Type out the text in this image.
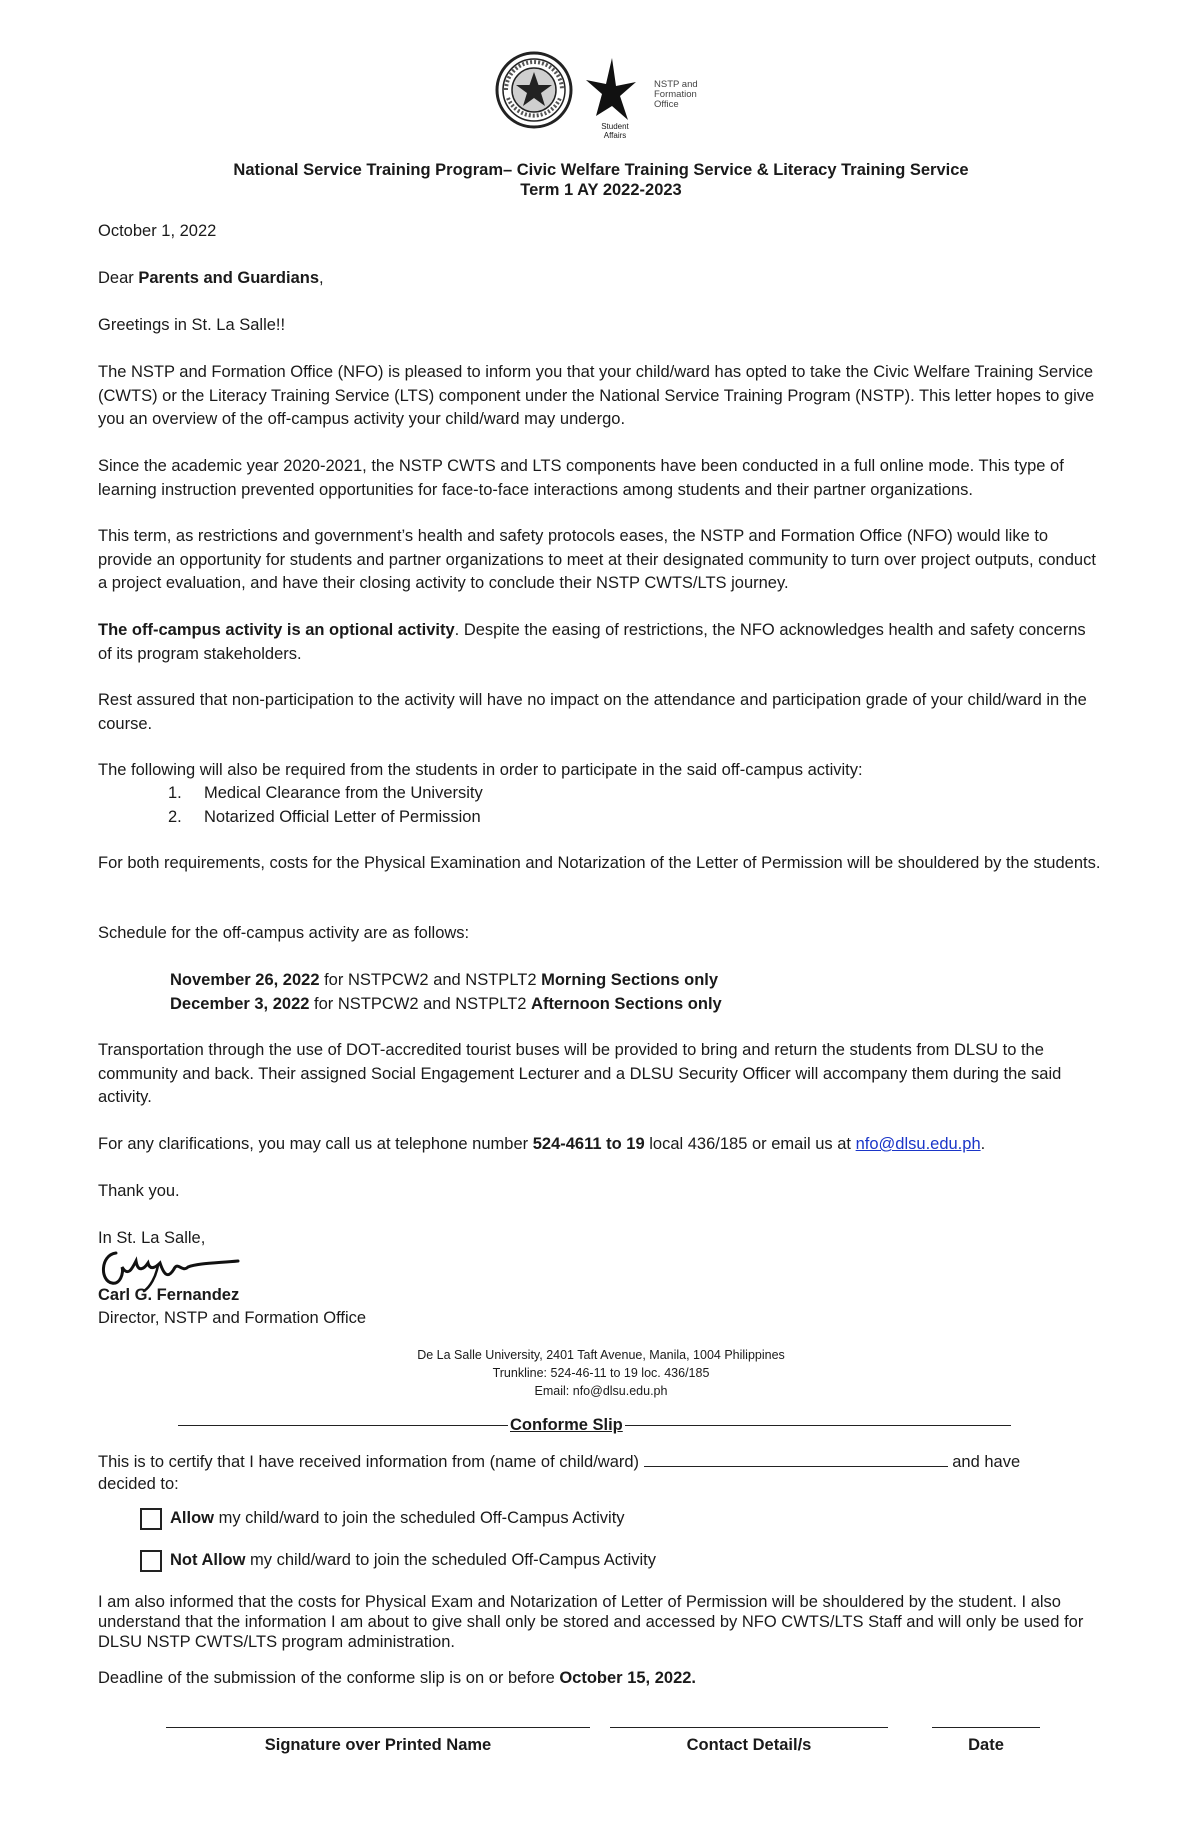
Student Affairs
NSTP and
Formation
Office
National Service Training Program– Civic Welfare Training Service & Literacy Training Service
Term 1 AY 2022-2023

October 1, 2022

Dear Parents and Guardians,

Greetings in St. La Salle!!

The NSTP and Formation Office (NFO) is pleased to inform you that your child/ward has opted to take the Civic Welfare Training Service (CWTS) or the Literacy Training Service (LTS) component under the National Service Training Program (NSTP). This letter hopes to give you an overview of the off-campus activity your child/ward may undergo.

Since the academic year 2020-2021, the NSTP CWTS and LTS components have been conducted in a full online mode. This type of learning instruction prevented opportunities for face-to-face interactions among students and their partner organizations.

This term, as restrictions and government’s health and safety protocols eases, the NSTP and Formation Office (NFO) would like to provide an opportunity for students and partner organizations to meet at their designated community to turn over project outputs, conduct a project evaluation, and have their closing activity to conclude their NSTP CWTS/LTS journey.

The off-campus activity is an optional activity. Despite the easing of restrictions, the NFO acknowledges health and safety concerns of its program stakeholders.

Rest assured that non-participation to the activity will have no impact on the attendance and participation grade of your child/ward in the course.

The following will also be required from the students in order to participate in the said off-campus activity:

1. Medical Clearance from the University
2. Notarized Official Letter of Permission

For both requirements, costs for the Physical Examination and Notarization of the Letter of Permission will be shouldered by the students.

Schedule for the off-campus activity are as follows:

November 26, 2022 for NSTPCW2 and NSTPLT2 Morning Sections only
December 3, 2022 for NSTPCW2 and NSTPLT2 Afternoon Sections only

Transportation through the use of DOT-accredited tourist buses will be provided to bring and return the students from DLSU to the community and back. Their assigned Social Engagement Lecturer and a DLSU Security Officer will accompany them during the said activity.

For any clarifications, you may call us at telephone number 524-4611 to 19 local 436/185 or email us at nfo@dlsu.edu.ph.

Thank you.

In St. La Salle,

Carl G. Fernandez

Director, NSTP and Formation Office

De La Salle University, 2401 Taft Avenue, Manila, 1004 Philippines
Trunkline: 524-46-11 to 19 loc. 436/185
Email: nfo@dlsu.edu.ph
Conforme Slip

This is to certify that I have received information from (name of child/ward)	and have

decided to:

Allow my child/ward to join the scheduled Off-Campus Activity
Not Allow my child/ward to join the scheduled Off-Campus Activity

I am also informed that the costs for Physical Exam and Notarization of Letter of Permission will be shouldered by the student. I also understand that the information I am about to give shall only be stored and accessed by NFO CWTS/LTS Staff and will only be used for DLSU NSTP CWTS/LTS program administration.

Deadline of the submission of the conforme slip is on or before October 15, 2022.

Signature over Printed Name	Contact Detail/s	Date
